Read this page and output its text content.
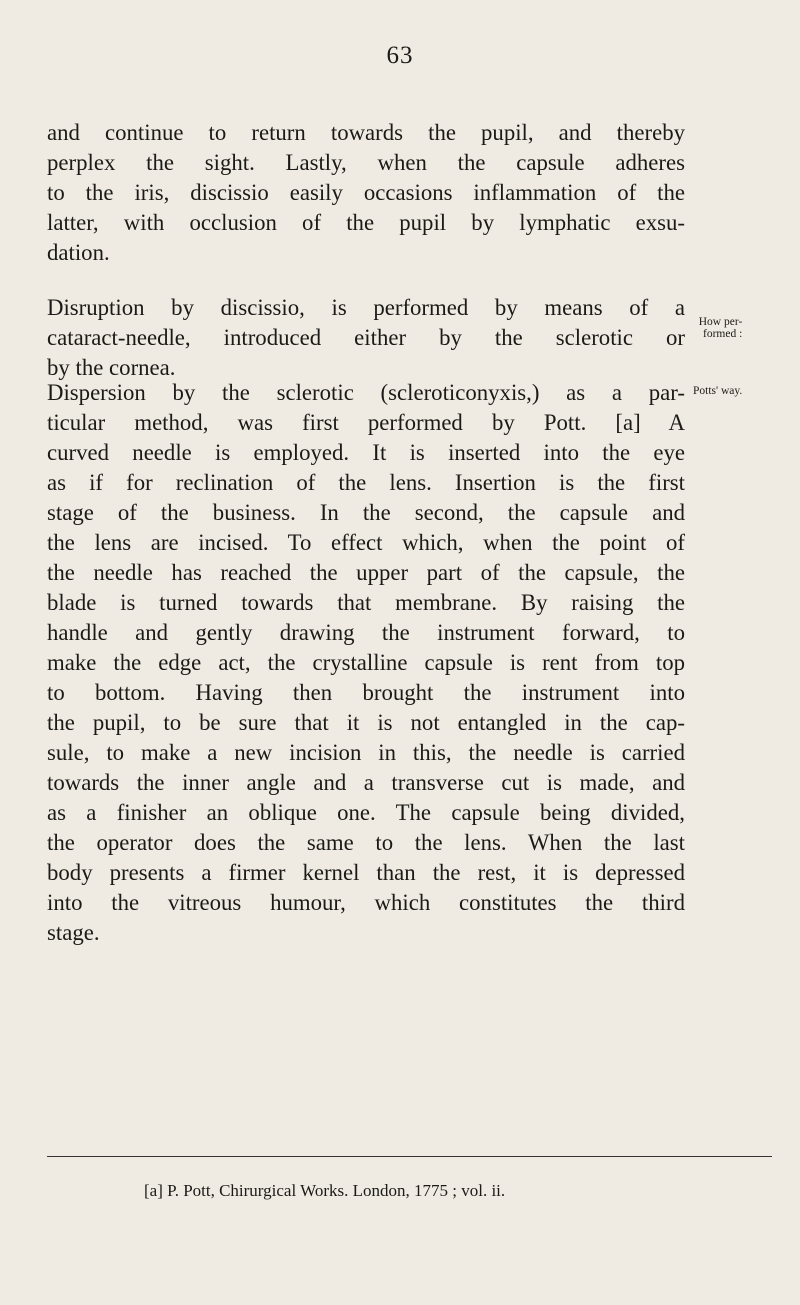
63
and continue to return towards the pupil, and thereby
perplex the sight. Lastly, when the capsule adheres
to the iris, discissio easily occasions inflammation of the
latter, with occlusion of the pupil by lymphatic exsu-
dation.
Disruption by discissio, is performed by means of a
cataract-needle, introduced either by the sclerotic or
by the cornea.
How per-
formed :
Dispersion by the sclerotic (scleroticonyxis,) as a par-
ticular method, was first performed by Pott. [a] A
curved needle is employed. It is inserted into the eye
as if for reclination of the lens. Insertion is the first
stage of the business. In the second, the capsule and
the lens are incised. To effect which, when the point of
the needle has reached the upper part of the capsule, the
blade is turned towards that membrane. By raising the
handle and gently drawing the instrument forward, to
make the edge act, the crystalline capsule is rent from top
to bottom. Having then brought the instrument into
the pupil, to be sure that it is not entangled in the cap-
sule, to make a new incision in this, the needle is carried
towards the inner angle and a transverse cut is made, and
as a finisher an oblique one. The capsule being divided,
the operator does the same to the lens. When the last
body presents a firmer kernel than the rest, it is depressed
into the vitreous humour, which constitutes the third
stage.
Potts' way.
[a] P. Pott, Chirurgical Works. London, 1775 ; vol. ii.
